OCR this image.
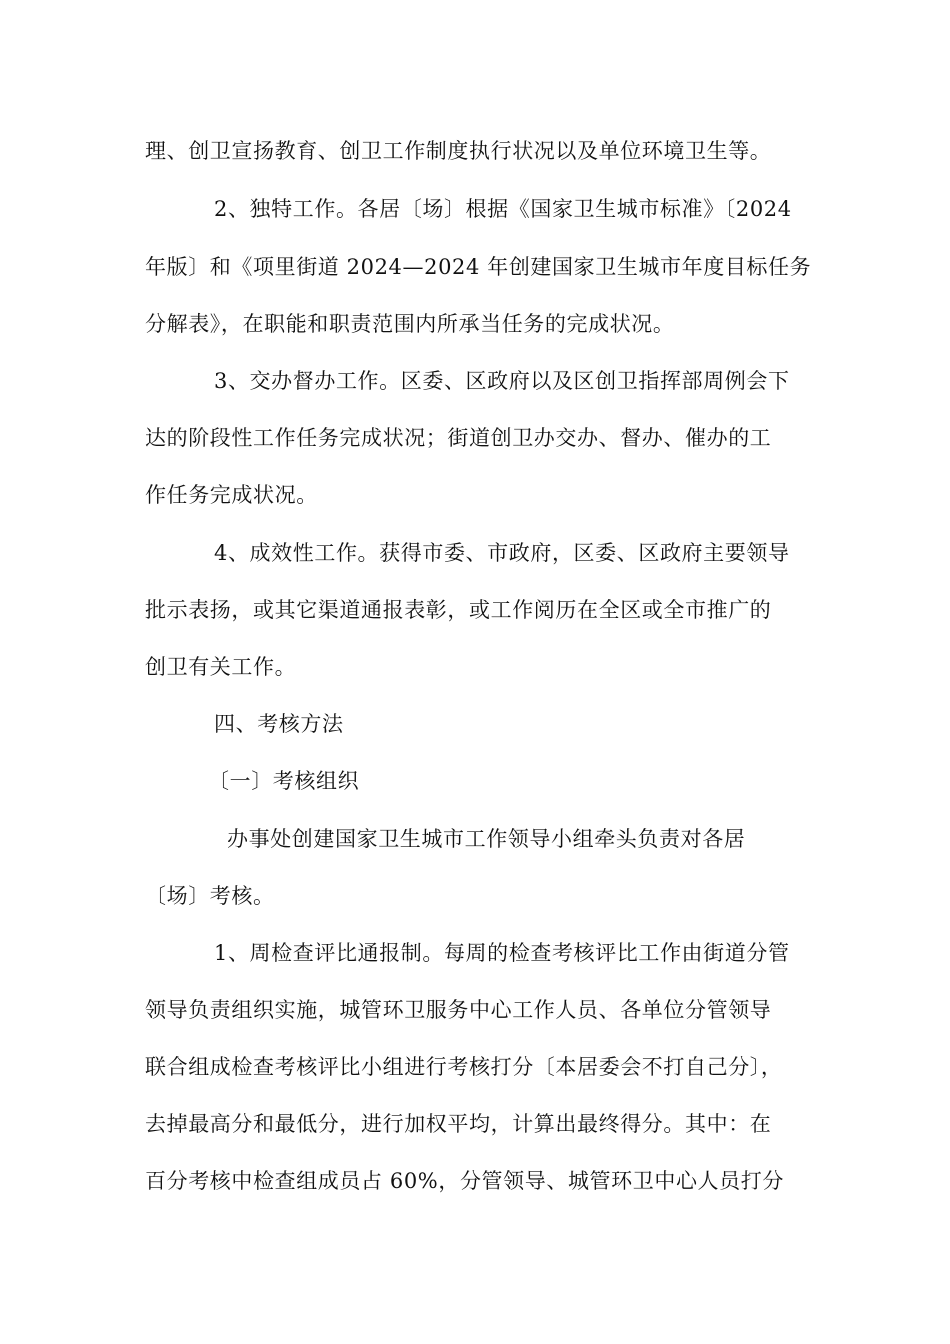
理、创卫宣扬教育、创卫工作制度执行状况以及单位环境卫生等。
2、独特工作。各居〔场〕根据《国家卫生城市标准》〔2024
年版〕和《项里街道 2024—2024 年创建国家卫生城市年度目标任务
分解表》，在职能和职责范围内所承当任务的完成状况。
3、交办督办工作。区委、区政府以及区创卫指挥部周例会下
达的阶段性工作任务完成状况；街道创卫办交办、督办、催办的工
作任务完成状况。
4、成效性工作。获得市委、市政府，区委、区政府主要领导
批示表扬，或其它渠道通报表彰，或工作阅历在全区或全市推广的
创卫有关工作。
四、考核方法
〔一〕考核组织
办事处创建国家卫生城市工作领导小组牵头负责对各居
〔场〕考核。
1、周检查评比通报制。每周的检查考核评比工作由街道分管
领导负责组织实施，城管环卫服务中心工作人员、各单位分管领导
联合组成检查考核评比小组进行考核打分〔本居委会不打自己分〕，
去掉最高分和最低分，进行加权平均，计算出最终得分。其中：在
百分考核中检查组成员占 60%，分管领导、城管环卫中心人员打分
